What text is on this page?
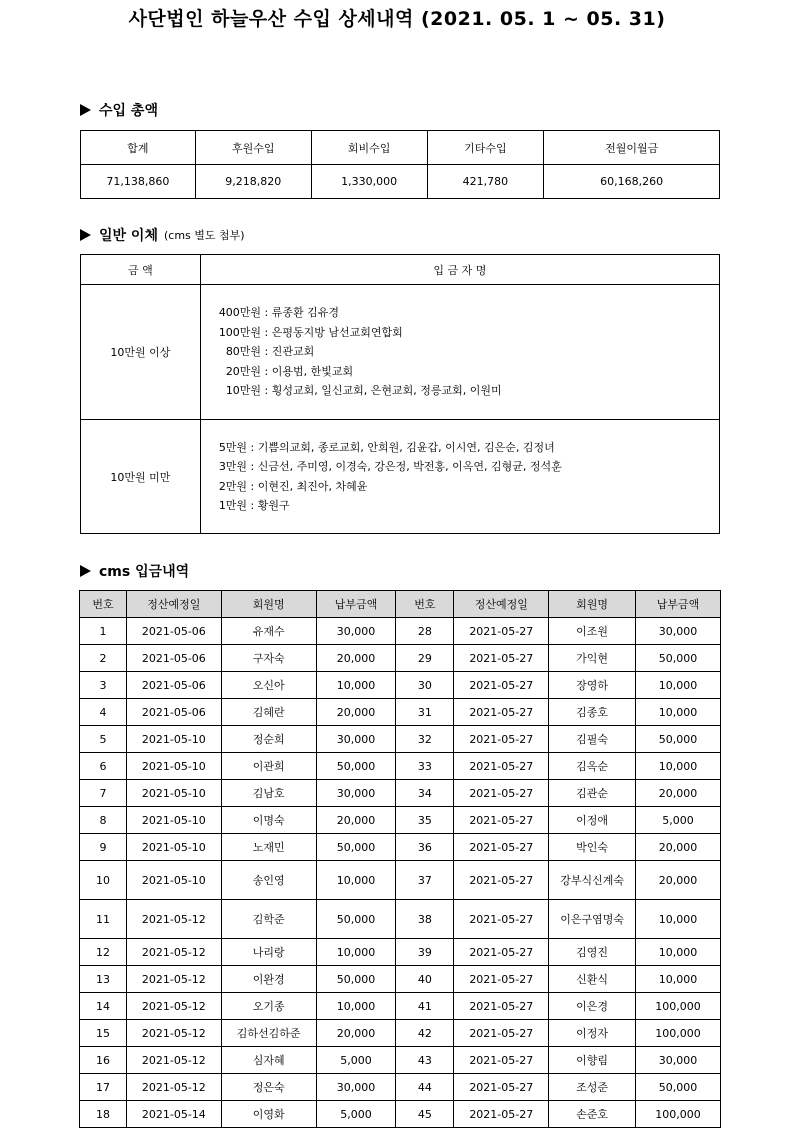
사단법인 하늘우산 수입 상세내역 (2021. 05. 1 ~ 05. 31)
수입 총액
합계	후원수입	회비수입	기타수입	전월이월금
71,138,860	9,218,820	1,330,000	421,780	60,168,260
일반 이체 (cms 별도 첨부)
금 액	입 금 자 명
10만원 이상	400만원 : 류종환 김유경
100만원 : 은평동지방 남선교회연합회
80만원 : 진관교회
20만원 : 이용범, 한빛교회
10만원 : 횡성교회, 일신교회, 은현교회, 정릉교회, 이원미

10만원 미만	5만원 : 기쁨의교회, 종로교회, 안희원, 김윤갑, 이시연, 김은순, 김정녀
3만원 : 신금선, 주미영, 이경숙, 강은정, 박전홍, 이옥연, 김형균, 정석훈
2만원 : 이현진, 최진아, 차혜윤
1만원 : 황원구
cms 입금내역
번호	정산예정일	회원명	납부금액	번호	정산예정일	회원명	납부금액
1	2021-05-06	유재수	30,000	28	2021-05-27	이조원	30,000
2	2021-05-06	구자숙	20,000	29	2021-05-27	가익현	50,000
3	2021-05-06	오신아	10,000	30	2021-05-27	장영하	10,000
4	2021-05-06	김혜란	20,000	31	2021-05-27	김종호	10,000
5	2021-05-10	정순희	30,000	32	2021-05-27	김필숙	50,000
6	2021-05-10	이관희	50,000	33	2021-05-27	김옥순	10,000
7	2021-05-10	김남호	30,000	34	2021-05-27	김관순	20,000
8	2021-05-10	이명숙	20,000	35	2021-05-27	이정애	5,000
9	2021-05-10	노재민	50,000	36	2021-05-27	박인숙	20,000
10	2021-05-10	송인영	10,000	37	2021-05-27	강부식신계숙	20,000
11	2021-05-12	김학준	50,000	38	2021-05-27	이은구염명숙	10,000
12	2021-05-12	나리랑	10,000	39	2021-05-27	김영진	10,000
13	2021-05-12	이완경	50,000	40	2021-05-27	신환식	10,000
14	2021-05-12	오기종	10,000	41	2021-05-27	이은경	100,000
15	2021-05-12	김하선김하준	20,000	42	2021-05-27	이정자	100,000
16	2021-05-12	심자혜	5,000	43	2021-05-27	이향림	30,000
17	2021-05-12	정은숙	30,000	44	2021-05-27	조성준	50,000
18	2021-05-14	이영화	5,000	45	2021-05-27	손준호	100,000
